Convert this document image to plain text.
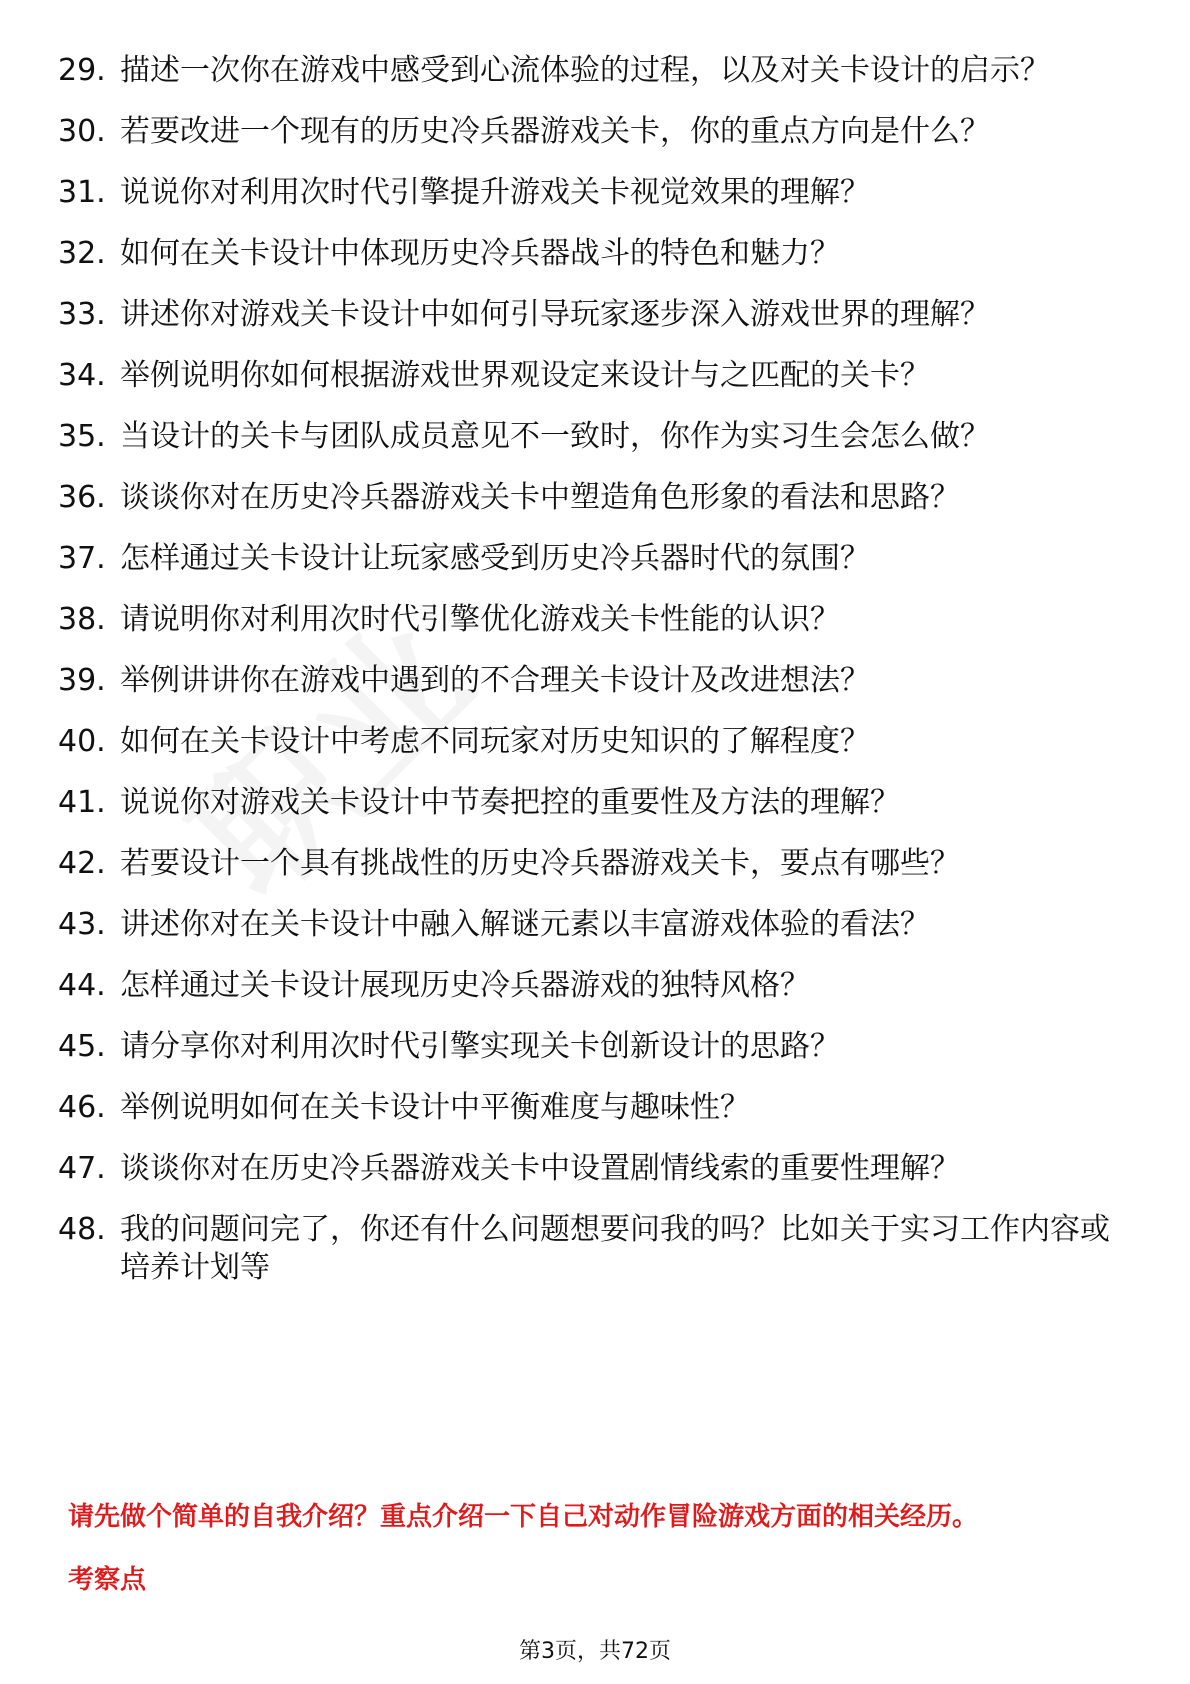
29. 描述一次你在游戏中感受到心流体验的过程，以及对关卡设计的启示？
30. 若要改进一个现有的历史冷兵器游戏关卡，你的重点方向是什么？
31. 说说你对利用次时代引擎提升游戏关卡视觉效果的理解？
32. 如何在关卡设计中体现历史冷兵器战斗的特色和魅力？
33. 讲述你对游戏关卡设计中如何引导玩家逐步深入游戏世界的理解？
34. 举例说明你如何根据游戏世界观设定来设计与之匹配的关卡？
35. 当设计的关卡与团队成员意见不一致时，你作为实习生会怎么做？
36. 谈谈你对在历史冷兵器游戏关卡中塑造角色形象的看法和思路？
37. 怎样通过关卡设计让玩家感受到历史冷兵器时代的氛围？
38. 请说明你对利用次时代引擎优化游戏关卡性能的认识？
39. 举例讲讲你在游戏中遇到的不合理关卡设计及改进想法？
40. 如何在关卡设计中考虑不同玩家对历史知识的了解程度？
41. 说说你对游戏关卡设计中节奏把控的重要性及方法的理解？
42. 若要设计一个具有挑战性的历史冷兵器游戏关卡，要点有哪些？
43. 讲述你对在关卡设计中融入解谜元素以丰富游戏体验的看法？
44. 怎样通过关卡设计展现历史冷兵器游戏的独特风格？
45. 请分享你对利用次时代引擎实现关卡创新设计的思路？
46. 举例说明如何在关卡设计中平衡难度与趣味性？
47. 谈谈你对在历史冷兵器游戏关卡中设置剧情线索的重要性理解？
48. 我的问题问完了，你还有什么问题想要问我的吗？比如关于实习工作内容或培养计划等
请先做个简单的自我介绍？重点介绍一下自己对动作冒险游戏方面的相关经历。
考察点
第3页，共72页
